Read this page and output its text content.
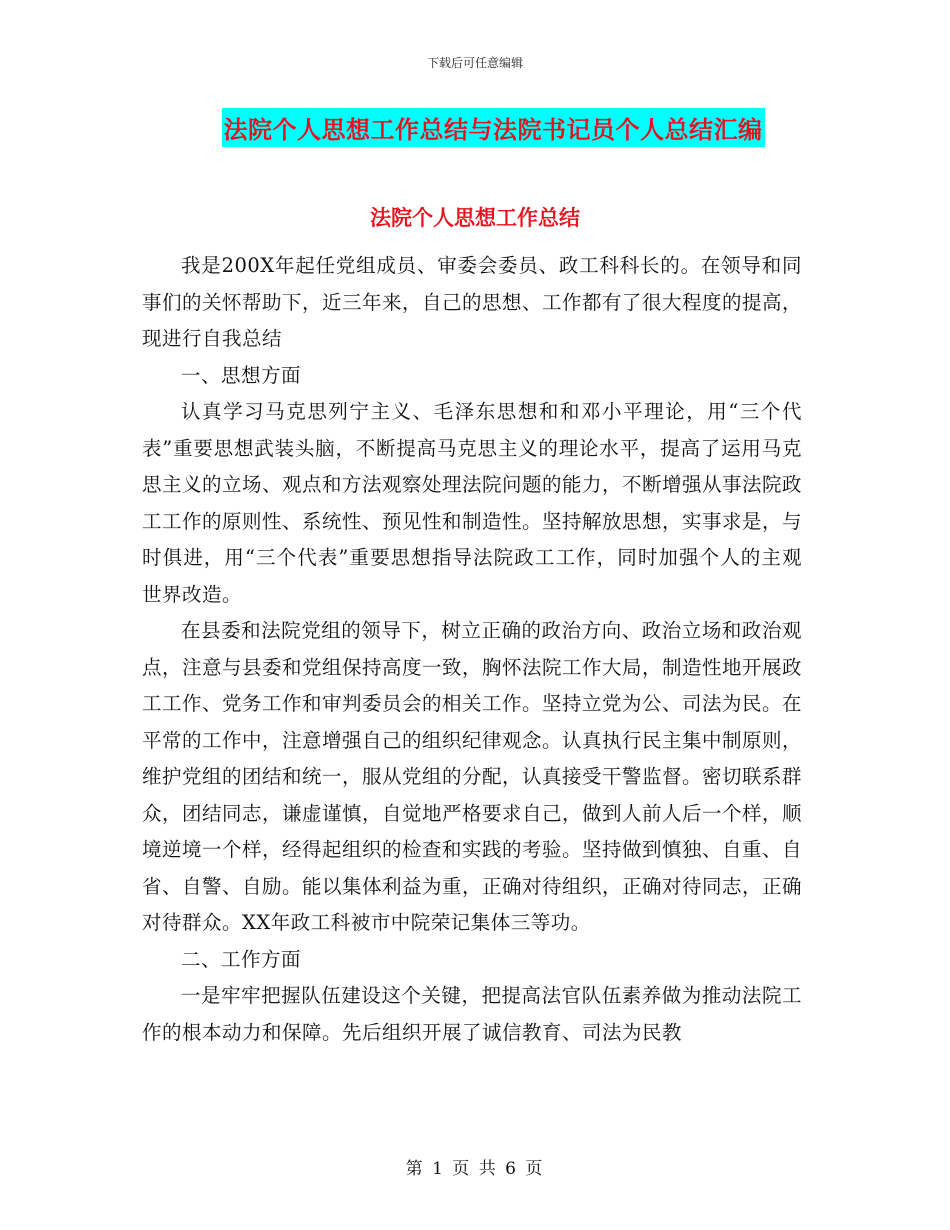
下载后可任意编辑
法院个人思想工作总结与法院书记员个人总结汇编
法院个人思想工作总结

我是200X年起任党组成员、审委会委员、政工科科长的。在领导和同事们的关怀帮助下，近三年来，自己的思想、工作都有了很大程度的提高，现进行自我总结

一、思想方面

认真学习马克思列宁主义、毛泽东思想和和邓小平理论，用“三个代表”重要思想武装头脑，不断提高马克思主义的理论水平，提高了运用马克思主义的立场、观点和方法观察处理法院问题的能力，不断增强从事法院政工工作的原则性、系统性、预见性和制造性。坚持解放思想，实事求是，与时俱进，用“三个代表”重要思想指导法院政工工作，同时加强个人的主观世界改造。

在县委和法院党组的领导下，树立正确的政治方向、政治立场和政治观点，注意与县委和党组保持高度一致，胸怀法院工作大局，制造性地开展政工工作、党务工作和审判委员会的相关工作。坚持立党为公、司法为民。在平常的工作中，注意增强自己的组织纪律观念。认真执行民主集中制原则，维护党组的团结和统一，服从党组的分配，认真接受干警监督。密切联系群众，团结同志，谦虚谨慎，自觉地严格要求自己，做到人前人后一个样，顺境逆境一个样，经得起组织的检查和实践的考验。坚持做到慎独、自重、自省、自警、自励。能以集体利益为重，正确对待组织，正确对待同志，正确对待群众。XX年政工科被市中院荣记集体三等功。

二、工作方面

一是牢牢把握队伍建设这个关键，把提高法官队伍素养做为推动法院工作的根本动力和保障。先后组织开展了诚信教育、司法为民教

第 1 页 共 6 页
